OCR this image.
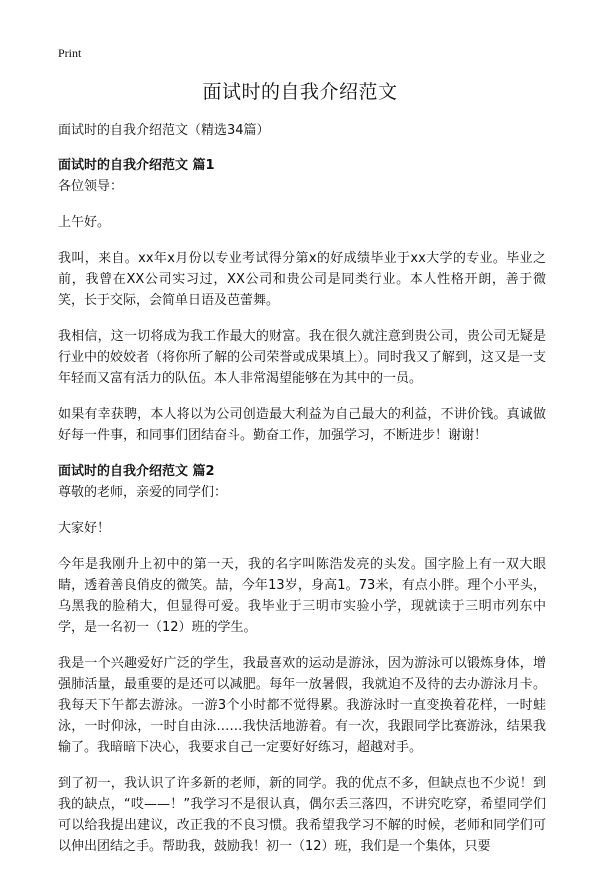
Print
面试时的自我介绍范文

面试时的自我介绍范文（精选34篇）

面试时的自我介绍范文 篇1

各位领导：

上午好。

我叫，来自。xx年x月份以专业考试得分第x的好成绩毕业于xx大学的专业。毕业之前，我曾在XX公司实习过，XX公司和贵公司是同类行业。本人性格开朗，善于微笑，长于交际，会简单日语及芭蕾舞。

我相信，这一切将成为我工作最大的财富。我在很久就注意到贵公司，贵公司无疑是行业中的姣姣者（将你所了解的公司荣誉或成果填上）。同时我又了解到，这又是一支年轻而又富有活力的队伍。本人非常渴望能够在为其中的一员。

如果有幸获聘，本人将以为公司创造最大利益为自己最大的利益，不讲价钱。真诚做好每一件事，和同事们团结奋斗。勤奋工作，加强学习，不断进步！谢谢！

面试时的自我介绍范文 篇2

尊敬的老师，亲爱的同学们：

大家好！

今年是我刚升上初中的第一天，我的名字叫陈浩发亮的头发。国字脸上有一双大眼睛，透着善良俏皮的微笑。喆，今年13岁，身高1。73米，有点小胖。理个小平头，乌黑我的脸稍大，但显得可爱。我毕业于三明市实验小学，现就读于三明市列东中学，是一名初一（12）班的学生。

我是一个兴趣爱好广泛的学生，我最喜欢的运动是游泳，因为游泳可以锻炼身体，增强肺活量，最重要的是还可以减肥。每年一放暑假，我就迫不及待的去办游泳月卡。我每天下午都去游泳。一游3个小时都不觉得累。我游泳时一直变换着花样，一时蛙泳，一时仰泳，一时自由泳……我快活地游着。有一次，我跟同学比赛游泳，结果我输了。我暗暗下决心，我要求自己一定要好好练习，超越对手。

到了初一，我认识了许多新的老师，新的同学。我的优点不多，但缺点也不少说！到我的缺点，“哎——！”我学习不是很认真，偶尔丢三落四，不讲究吃穿，希望同学们可以给我提出建议，改正我的不良习惯。我希望我学习不解的时候，老师和同学们可以伸出团结之手。帮助我，鼓励我！初一（12）班，我们是一个集体，只要
